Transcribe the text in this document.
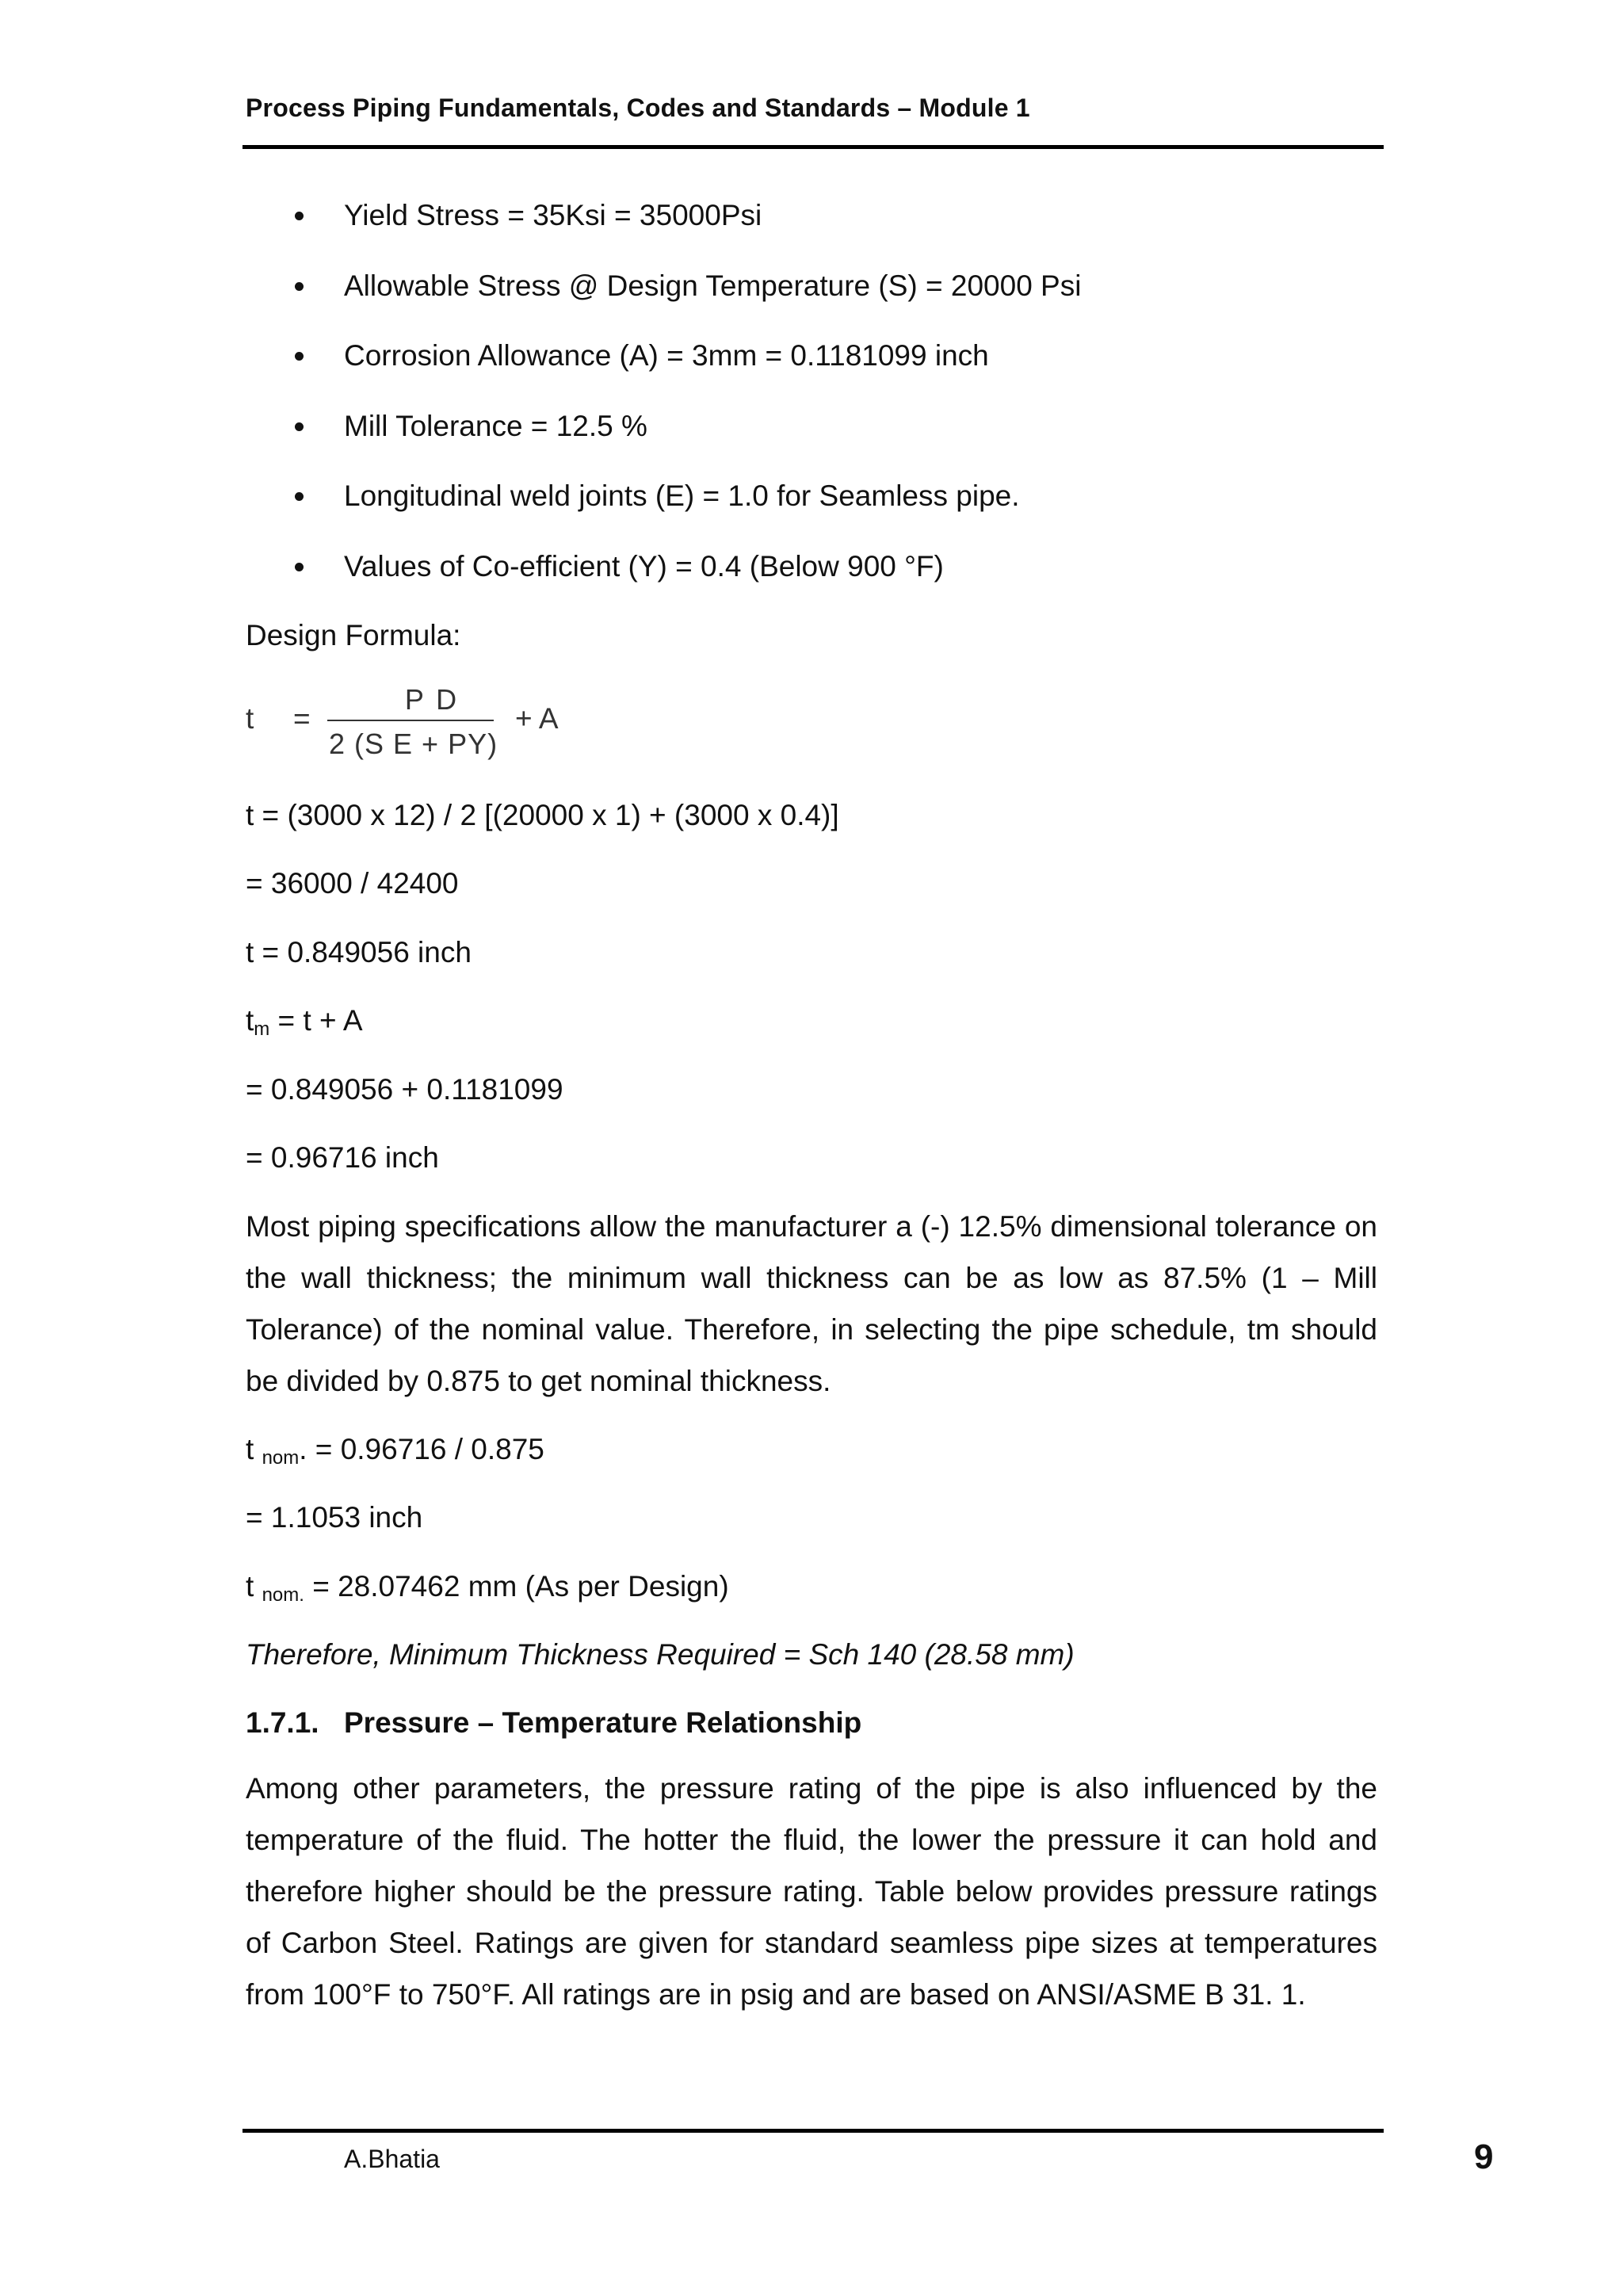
Process Piping Fundamentals, Codes and Standards – Module 1
Yield Stress = 35Ksi = 35000Psi
Allowable Stress @ Design Temperature (S) = 20000 Psi
Corrosion Allowance (A) = 3mm = 0.1181099 inch
Mill Tolerance = 12.5 %
Longitudinal weld joints (E) = 1.0 for Seamless pipe.
Values of Co-efficient (Y) = 0.4 (Below 900 °F)
Design Formula:
t =
P D
2 (S E + PY)
+ A
t = (3000 x 12) / 2 [(20000 x 1) + (3000 x 0.4)]
= 36000 / 42400
t = 0.849056 inch
$t_m = t + A$
= 0.849056 + 0.1181099
= 0.96716 inch
Most piping specifications allow the manufacturer a (-) 12.5% dimensional tolerance on the wall thickness; the minimum wall thickness can be as low as 87.5% (1 – Mill Tolerance) of the nominal value. Therefore, in selecting the pipe schedule, tm should be divided by 0.875 to get nominal thickness.
t $_{nom}$. = 0.96716 / 0.875
= 1.1053 inch
t $_{nom.}$ = 28.07462 mm (As per Design)
Therefore, Minimum Thickness Required = Sch 140 (28.58 mm)
1.7.1. Pressure – Temperature Relationship
Among other parameters, the pressure rating of the pipe is also influenced by the temperature of the fluid. The hotter the fluid, the lower the pressure it can hold and therefore higher should be the pressure rating. Table below provides pressure ratings of Carbon Steel. Ratings are given for standard seamless pipe sizes at temperatures from 100°F to 750°F. All ratings are in psig and are based on ANSI/ASME B 31. 1.
A.Bhatia	9
